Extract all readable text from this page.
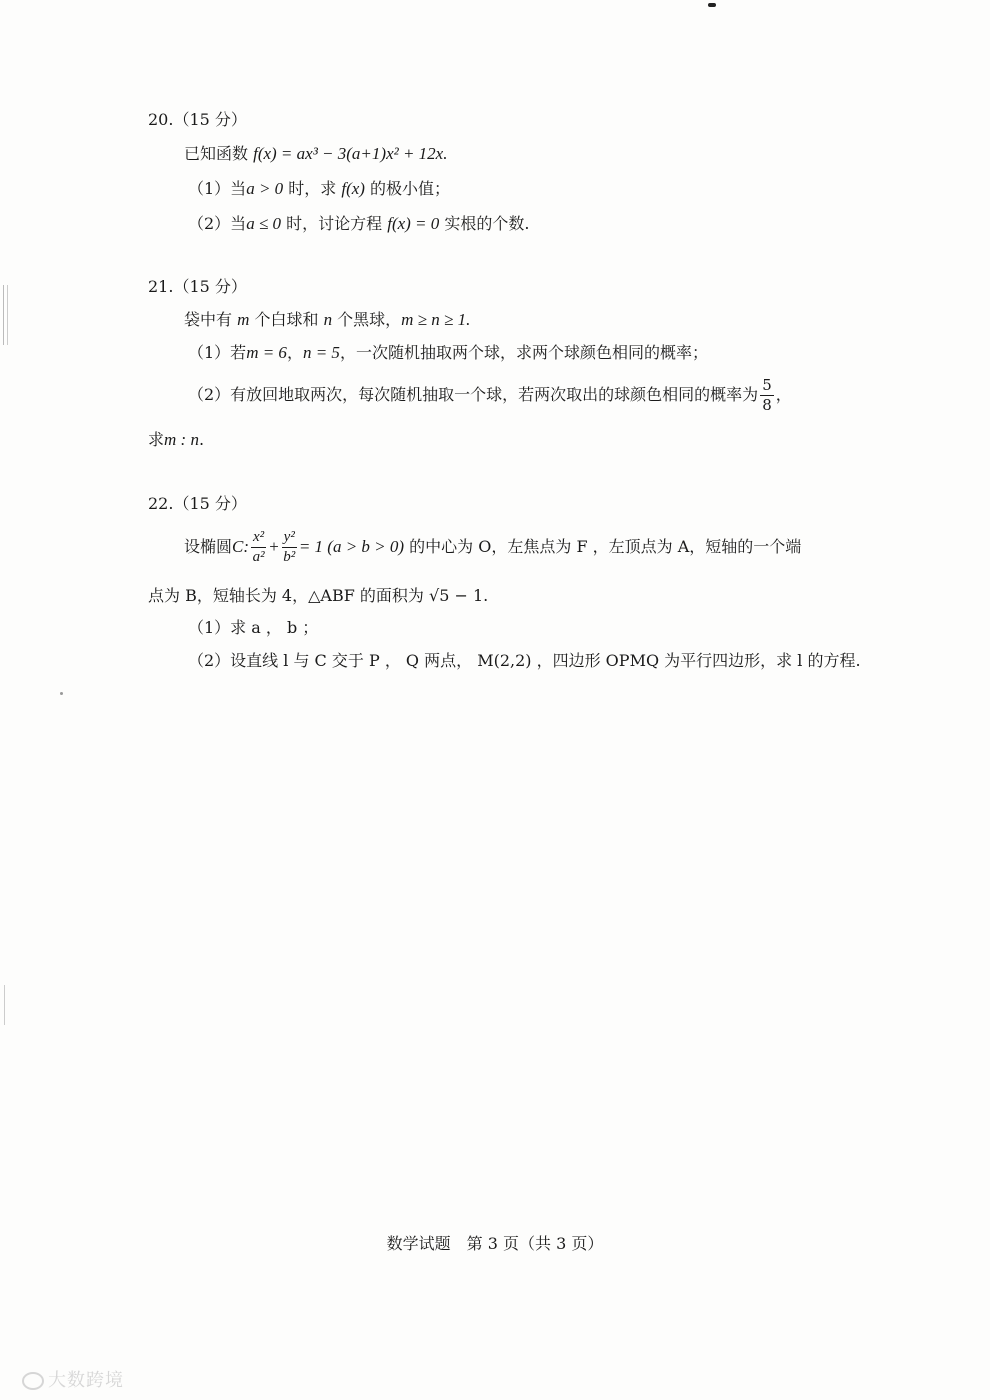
20.（15 分）
已知函数 f(x) = ax³ − 3(a+1)x² + 12x.
（1）当a > 0 时，求 f(x) 的极小值；
（2）当a ≤ 0 时，讨论方程 f(x) = 0 实根的个数.
21.（15 分）
袋中有 m 个白球和 n 个黑球，m ≥ n ≥ 1.
（1）若m = 6，n = 5，一次随机抽取两个球，求两个球颜色相同的概率；
（2）有放回地取两次，每次随机抽取一个球，若两次取出的球颜色相同的概率为 $\frac{5}{8}$ ，
求m : n.
22.（15 分）
设椭圆C: $\frac{\text{x²}}{\text{a²}} + \frac{\text{y²}}{\text{b²}} = 1$ (a > b > 0) 的中心为 O，左焦点为 F ，左顶点为 A，短轴的一个端
点为 B，短轴长为 4，△ABF 的面积为 √5 − 1.
（1）求 a ， b ；
（2）设直线 l 与 C 交于 P ， Q 两点， M(2,2) ，四边形 OPMQ 为平行四边形，求 l 的方程.
数学试题　第 3 页（共 3 页）
大数跨境
